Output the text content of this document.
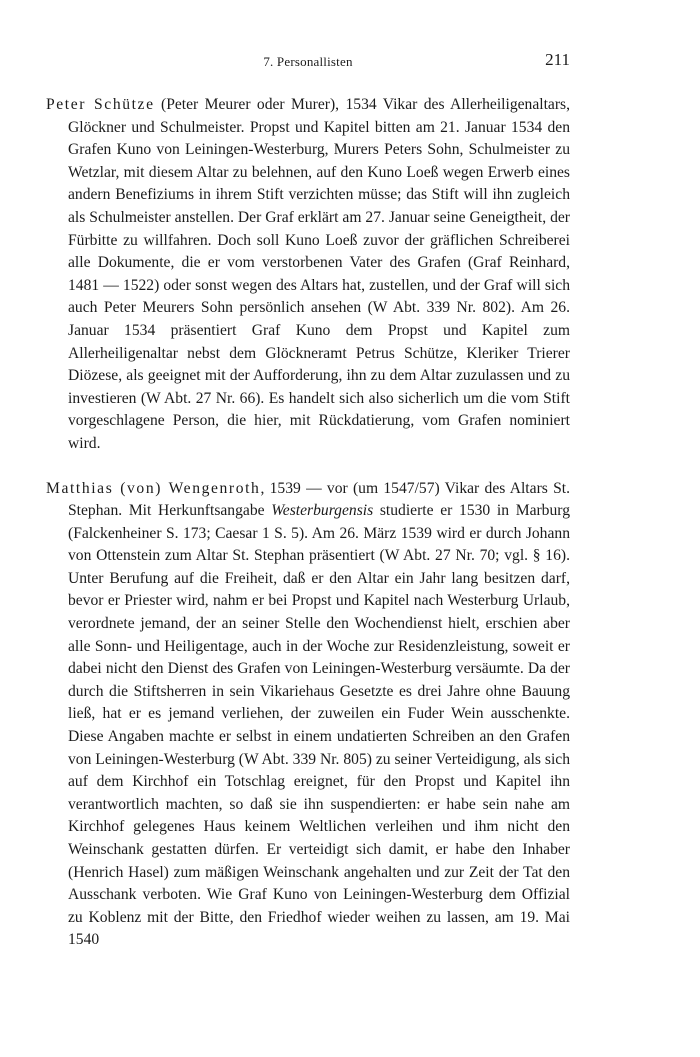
7. Personallisten	211

Peter Schütze (Peter Meurer oder Murer), 1534 Vikar des Allerheiligenaltars, Glöckner und Schulmeister. Propst und Kapitel bitten am 21. Januar 1534 den Grafen Kuno von Leiningen-Westerburg, Murers Peters Sohn, Schulmeister zu Wetzlar, mit diesem Altar zu belehnen, auf den Kuno Loeß wegen Erwerb eines andern Benefiziums in ihrem Stift verzichten müsse; das Stift will ihn zugleich als Schulmeister anstellen. Der Graf erklärt am 27. Januar seine Geneigtheit, der Fürbitte zu willfahren. Doch soll Kuno Loeß zuvor der gräflichen Schreiberei alle Dokumente, die er vom verstorbenen Vater des Grafen (Graf Reinhard, 1481 — 1522) oder sonst wegen des Altars hat, zustellen, und der Graf will sich auch Peter Meurers Sohn persönlich ansehen (W Abt. 339 Nr. 802). Am 26. Januar 1534 präsentiert Graf Kuno dem Propst und Kapitel zum Allerheiligenaltar nebst dem Glöckneramt Petrus Schütze, Kleriker Trierer Diözese, als geeignet mit der Aufforderung, ihn zu dem Altar zuzulassen und zu investieren (W Abt. 27 Nr. 66). Es handelt sich also sicherlich um die vom Stift vorgeschlagene Person, die hier, mit Rückdatierung, vom Grafen nominiert wird.

Matthias (von) Wengenroth, 1539 — vor (um 1547/57) Vikar des Altars St. Stephan. Mit Herkunftsangabe Westerburgensis studierte er 1530 in Marburg (Falckenheiner S. 173; Caesar 1 S. 5). Am 26. März 1539 wird er durch Johann von Ottenstein zum Altar St. Stephan präsentiert (W Abt. 27 Nr. 70; vgl. § 16). Unter Berufung auf die Freiheit, daß er den Altar ein Jahr lang besitzen darf, bevor er Priester wird, nahm er bei Propst und Kapitel nach Westerburg Urlaub, verordnete jemand, der an seiner Stelle den Wochendienst hielt, erschien aber alle Sonn- und Heiligentage, auch in der Woche zur Residenzleistung, soweit er dabei nicht den Dienst des Grafen von Leiningen-Westerburg versäumte. Da der durch die Stiftsherren in sein Vikariehaus Gesetzte es drei Jahre ohne Bauung ließ, hat er es jemand verliehen, der zuweilen ein Fuder Wein ausschenkte. Diese Angaben machte er selbst in einem undatierten Schreiben an den Grafen von Leiningen-Westerburg (W Abt. 339 Nr. 805) zu seiner Verteidigung, als sich auf dem Kirchhof ein Totschlag ereignet, für den Propst und Kapitel ihn verantwortlich machten, so daß sie ihn suspendierten: er habe sein nahe am Kirchhof gelegenes Haus keinem Weltlichen verleihen und ihm nicht den Weinschank gestatten dürfen. Er verteidigt sich damit, er habe den Inhaber (Henrich Hasel) zum mäßigen Weinschank angehalten und zur Zeit der Tat den Ausschank verboten. Wie Graf Kuno von Leiningen-Westerburg dem Offizial zu Koblenz mit der Bitte, den Friedhof wieder weihen zu lassen, am 19. Mai 1540
